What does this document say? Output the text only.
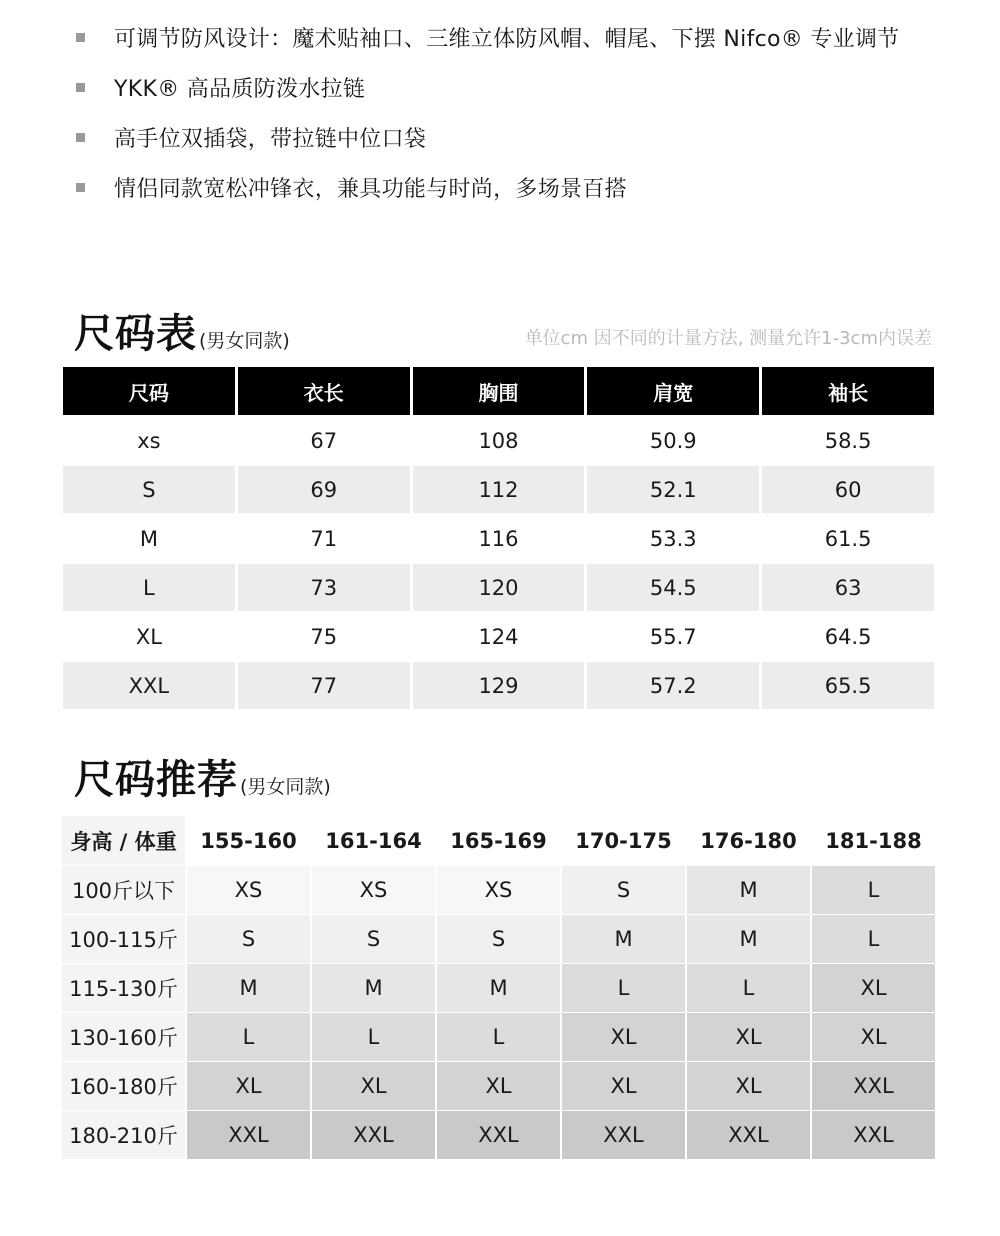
可调节防风设计：魔术贴袖口、三维立体防风帽、帽尾、下摆 Nifco® 专业调节
YKK® 高品质防泼水拉链
高手位双插袋，带拉链中位口袋
情侣同款宽松冲锋衣，兼具功能与时尚，多场景百搭
尺码表 (男女同款)	单位cm 因不同的计量方法, 测量允许1-3cm内误差
尺码	衣长	胸围	肩宽	袖长
xs	67	108	50.9	58.5
S	69	112	52.1	60
M	71	116	53.3	61.5
L	73	120	54.5	63
XL	75	124	55.7	64.5
XXL	77	129	57.2	65.5
尺码推荐 (男女同款)
身高 / 体重	155-160	161-164	165-169	170-175	176-180	181-188
100斤以下	XS	XS	XS	S	M	L
100-115斤	S	S	S	M	M	L
115-130斤	M	M	M	L	L	XL
130-160斤	L	L	L	XL	XL	XL
160-180斤	XL	XL	XL	XL	XL	XXL
180-210斤	XXL	XXL	XXL	XXL	XXL	XXL
